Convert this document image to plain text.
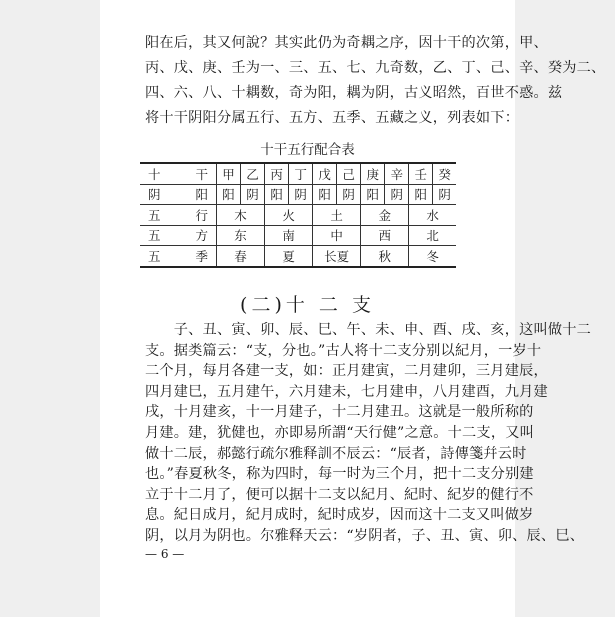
阳在后，其又何說？其实此仍为奇耦之序，因十干的次第，甲、
丙、戊、庚、壬为一、三、五、七、九奇数，乙、丁、己、辛、癸为二、
四、六、八、十耦数，奇为阳，耦为阴，古义昭然，百世不惑。兹
将十干阴阳分属五行、五方、五季、五藏之义，列表如下：
十干五行配合表
十　干	甲	乙	丙	丁	戊	己	庚	辛	壬	癸
阴　阳	阳	阴	阳	阴	阳	阴	阳	阴	阳	阴
五　行	木		火		土		金		水	
五　方	东		南		中		西		北	
五　季	春		夏		长夏		秋		冬	
(二)十 二 支
　　子、丑、寅、卯、辰、巳、午、未、申、酉、戌、亥，这叫做十二
支。据类篇云：“支，分也。”古人将十二支分别以紀月，一岁十
二个月，每月各建一支，如：正月建寅，二月建卯，三月建辰，
四月建巳，五月建午，六月建未，七月建申，八月建酉，九月建
戌，十月建亥，十一月建子，十二月建丑。这就是一般所称的
月建。建，犹健也，亦即易所謂“天行健”之意。十二支，又叫
做十二辰，郝懿行疏尔雅释訓不辰云：“辰者，詩傳箋幷云时
也。”春夏秋冬，称为四时，每一时为三个月，把十二支分别建
立于十二月了，便可以据十二支以紀月、紀时、紀岁的健行不
息。紀日成月，紀月成时，紀时成岁，因而这十二支又叫做岁
阴，以月为阴也。尔雅释天云：“岁阴者，子、丑、寅、卯、辰、巳、
— 6 —
